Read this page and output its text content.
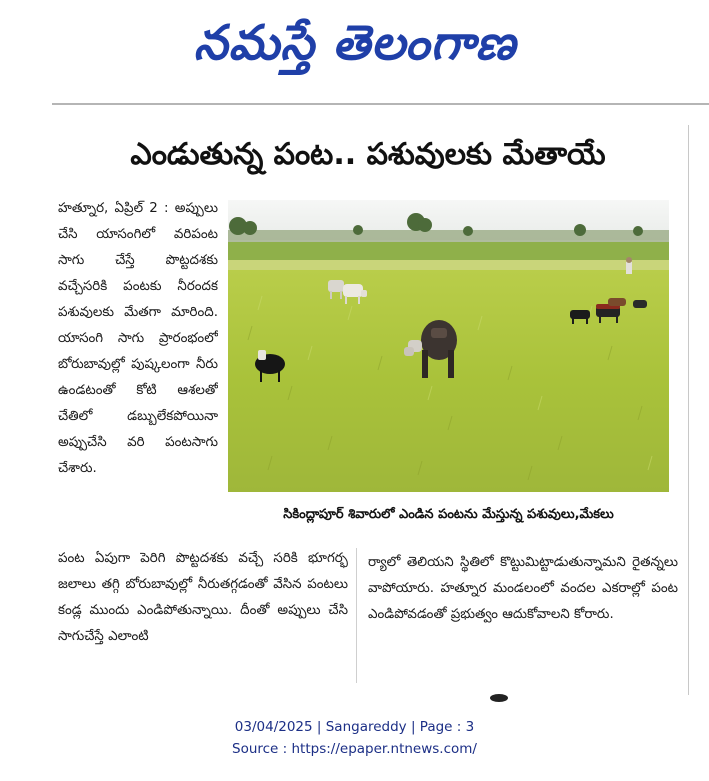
నమస్తే తెలంగాణ
ఎండుతున్న పంట.. పశువులకు మేతాయే
హత్నూర, ఏప్రిల్ 2 : అప్పులు చేసి యాసంగిలో వరిపంట సాగు చేస్తే పొట్టదశకు వచ్చేసరికి పంటకు నీరందక పశువులకు మేతగా మారింది. యాసంగి సాగు ప్రారంభంలో బోరుబావుల్లో పుష్కలంగా నీరు ఉండటంతో కోటి ఆశలతో చేతిలో డబ్బులేకపోయినా అప్పుచేసి వరి పంటసాగు చేశారు.
సికింద్లాపూర్ శివారులో ఎండిన పంటను మేస్తున్న పశువులు,మేకలు
పంట ఏపుగా పెరిగి పొట్టదశకు వచ్చే సరికి భూగర్భ జలాలు తగ్గి బోరుబావుల్లో నీరుతగ్గడంతో వేసిన పంటలు కండ్ల ముందు ఎండిపోతున్నాయి. దీంతో అప్పులు చేసి సాగుచేస్తే ఎలాంటి
ర్యాలో తెలియని స్థితిలో కొట్టుమిట్టాడుతున్నామని రైతన్నలు వాపోయారు. హత్నూర మండలంలో వందల ఎకరాల్లో పంట ఎండిపోవడంతో ప్రభుత్వం ఆదుకోవాలని కోరారు.
03/04/2025 | Sangareddy | Page : 3
Source : https://epaper.ntnews.com/
